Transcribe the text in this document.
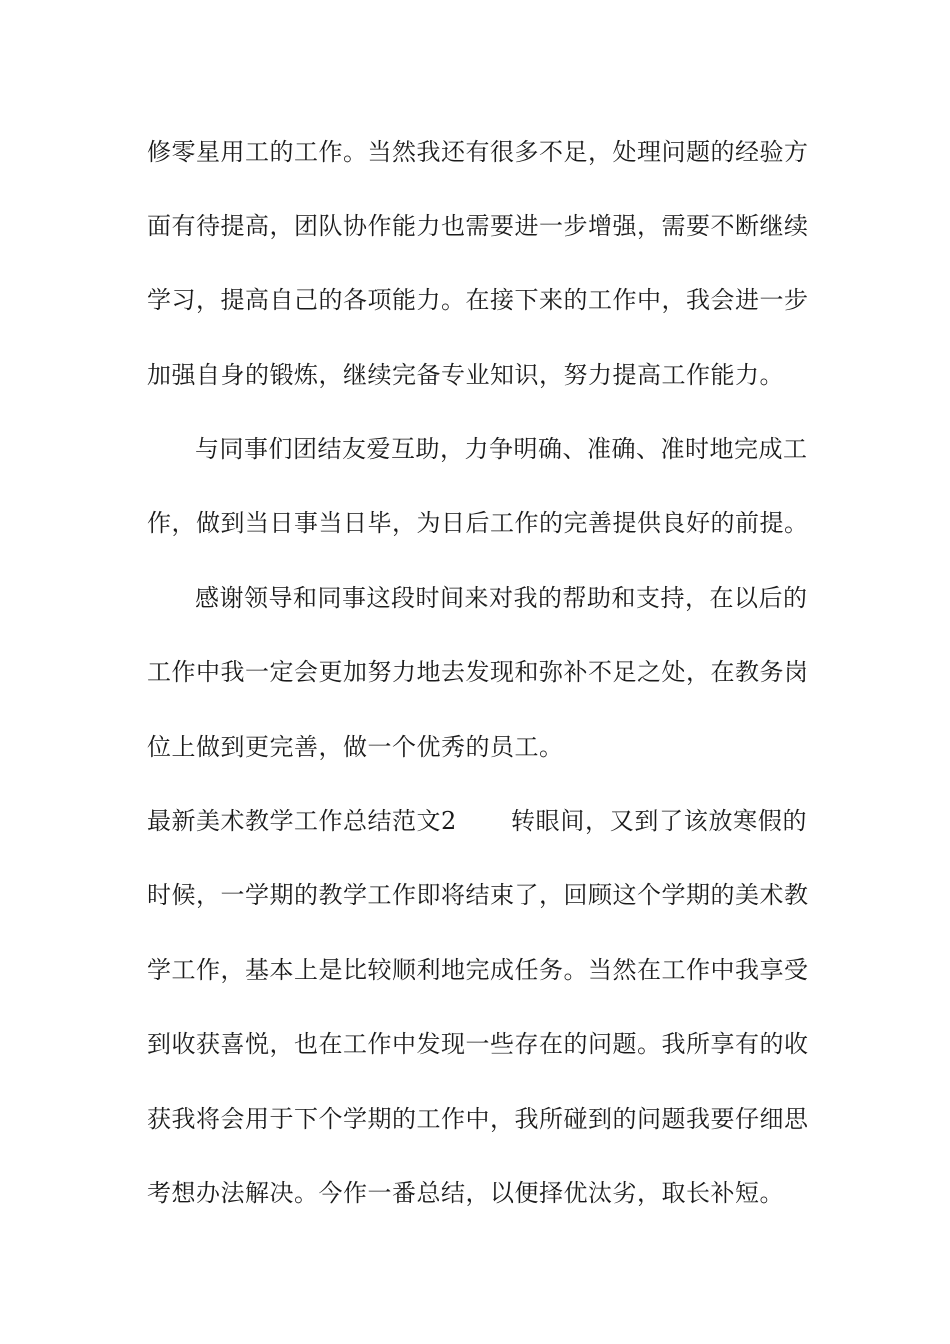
修零星用工的工作。当然我还有很多不足，处理问题的经验方
面有待提高，团队协作能力也需要进一步增强，需要不断继续
学习，提高自己的各项能力。在接下来的工作中，我会进一步
加强自身的锻炼，继续完备专业知识，努力提高工作能力。
与同事们团结友爱互助，力争明确、准确、准时地完成工
作，做到当日事当日毕，为日后工作的完善提供良好的前提。
感谢领导和同事这段时间来对我的帮助和支持，在以后的
工作中我一定会更加努力地去发现和弥补不足之处，在教务岗
位上做到更完善，做一个优秀的员工。
最新美术教学工作总结范文2 转眼间，又到了该放寒假的
时候，一学期的教学工作即将结束了，回顾这个学期的美术教
学工作，基本上是比较顺利地完成任务。当然在工作中我享受
到收获喜悦，也在工作中发现一些存在的问题。我所享有的收
获我将会用于下个学期的工作中，我所碰到的问题我要仔细思
考想办法解决。今作一番总结，以便择优汰劣，取长补短。
